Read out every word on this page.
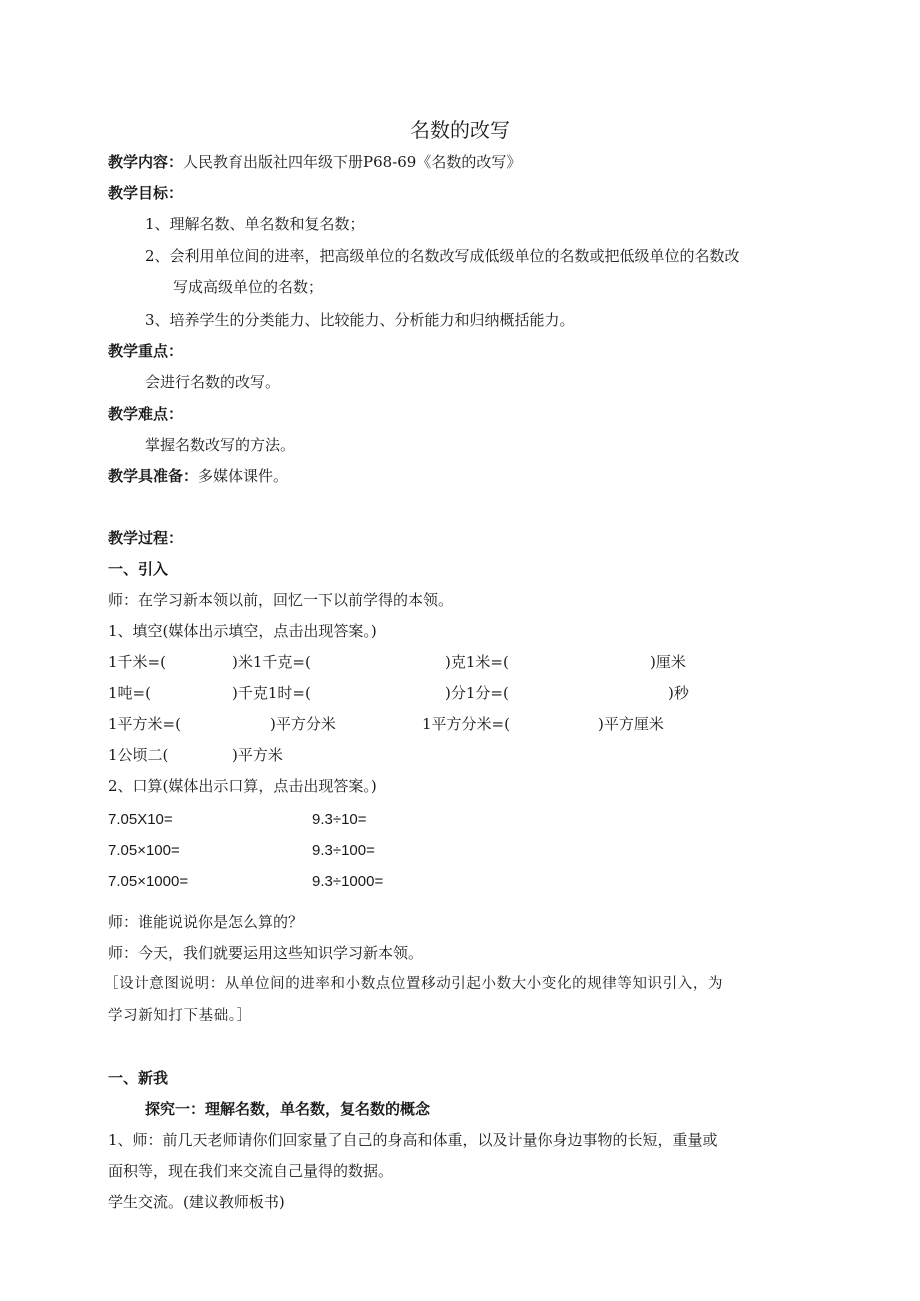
名数的改写
教学内容：人民教育出版社四年级下册P68-69《名数的改写》
教学目标：
1、理解名数、单名数和复名数；
2、会利用单位间的进率，把高级单位的名数改写成低级单位的名数或把低级单位的名数改
写成高级单位的名数；
3、培养学生的分类能力、比较能力、分析能力和归纳概括能力。
教学重点：
会进行名数的改写。
教学难点：
掌握名数改写的方法。
教学具准备：多媒体课件。
教学过程：
一、引入
师：在学习新本领以前，回忆一下以前学得的本领。
1、填空(媒体出示填空，点击出现答案。)
1千米=(	)米1千克=(	)克1米=(	)厘米
1吨=(	)千克1时=(	)分1分=(	)秒
1平方米=(	)平方分米	1平方分米=(	)平方厘米
1公顷二(	)平方米
2、口算(媒体出示口算，点击出现答案。)
7.05X10=	9.3÷10=
7.05×100=	9.3÷100=
7.05×1000=	9.3÷1000=
师：谁能说说你是怎么算的？
师：今天，我们就要运用这些知识学习新本领。
［设计意图说明：从单位间的进率和小数点位置移动引起小数大小变化的规律等知识引入，为
学习新知打下基础。］
一、新我
探究一：理解名数，单名数，复名数的概念
1、师：前几天老师请你们回家量了自己的身高和体重，以及计量你身边事物的长短，重量或
面积等，现在我们来交流自己量得的数据。
学生交流。(建议教师板书)
